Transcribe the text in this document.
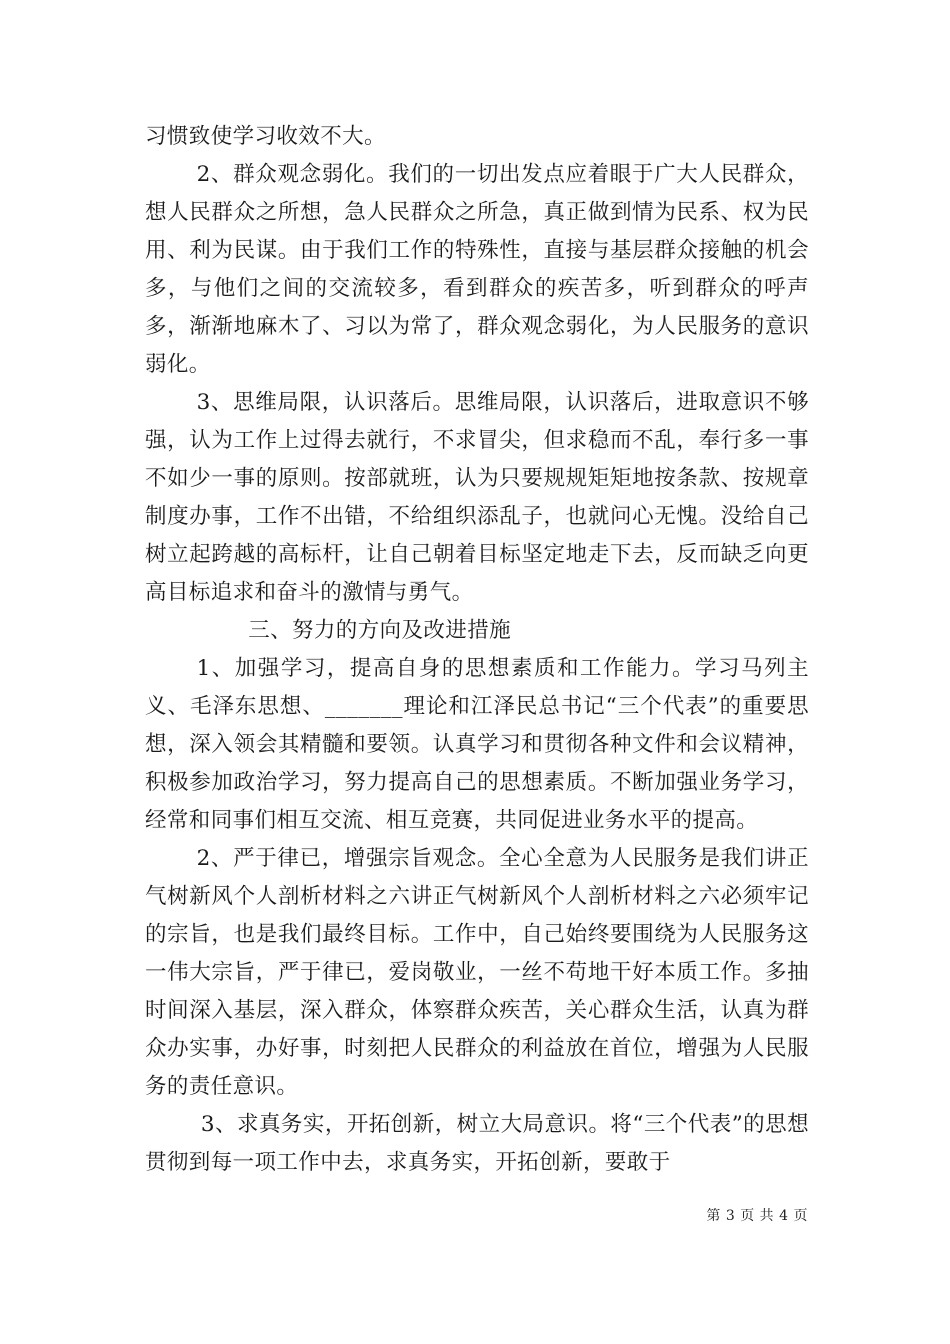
习惯致使学习收效不大。

2、群众观念弱化。我们的一切出发点应着眼于广大人民群众，想人民群众之所想，急人民群众之所急，真正做到情为民系、权为民用、利为民谋。由于我们工作的特殊性，直接与基层群众接触的机会多，与他们之间的交流较多，看到群众的疾苦多，听到群众的呼声多，渐渐地麻木了、习以为常了，群众观念弱化，为人民服务的意识弱化。

3、思维局限，认识落后。思维局限，认识落后，进取意识不够强，认为工作上过得去就行，不求冒尖，但求稳而不乱，奉行多一事不如少一事的原则。按部就班，认为只要规规矩矩地按条款、按规章制度办事，工作不出错，不给组织添乱子，也就问心无愧。没给自己树立起跨越的高标杆，让自己朝着目标坚定地走下去，反而缺乏向更高目标追求和奋斗的激情与勇气。

三、努力的方向及改进措施

1、加强学习，提高自身的思想素质和工作能力。学习马列主义、毛泽东思想、_______理论和江泽民总书记“三个代表”的重要思想，深入领会其精髓和要领。认真学习和贯彻各种文件和会议精神，积极参加政治学习，努力提高自己的思想素质。不断加强业务学习，经常和同事们相互交流、相互竞赛，共同促进业务水平的提高。

2、严于律已，增强宗旨观念。全心全意为人民服务是我们讲正气树新风个人剖析材料之六讲正气树新风个人剖析材料之六必须牢记的宗旨，也是我们最终目标。工作中，自己始终要围绕为人民服务这一伟大宗旨，严于律已，爱岗敬业，一丝不苟地干好本质工作。多抽时间深入基层，深入群众，体察群众疾苦，关心群众生活，认真为群众办实事，办好事，时刻把人民群众的利益放在首位，增强为人民服务的责任意识。

3、求真务实，开拓创新，树立大局意识。将“三个代表”的思想贯彻到每一项工作中去，求真务实，开拓创新，要敢于

第 3 页 共 4 页
